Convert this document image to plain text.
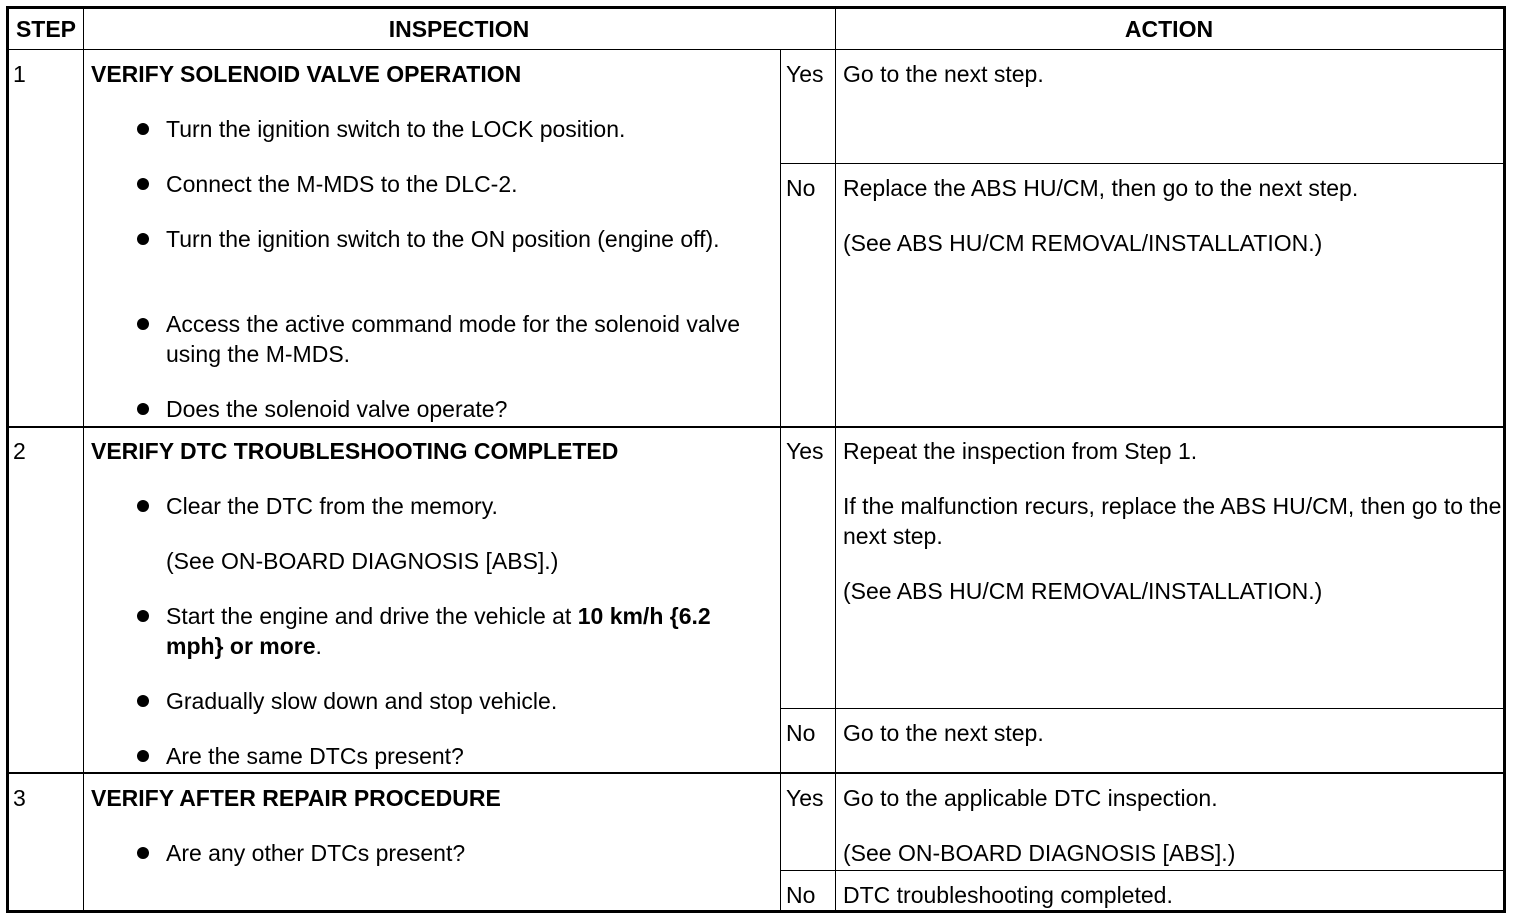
STEP	INSPECTION	ACTION
1	VERIFY SOLENOID VALVE OPERATION
Turn the ignition switch to the LOCK position.
Connect the M-MDS to the DLC-2.
Turn the ignition switch to the ON position (engine off).
Access the active command mode for the solenoid valve using the M-MDS.
Does the solenoid valve operate?
Yes Go to the next step.
No Replace the ABS HU/CM, then go to the next step.
(See ABS HU/CM REMOVAL/INSTALLATION.)
2	VERIFY DTC TROUBLESHOOTING COMPLETED
Clear the DTC from the memory.
(See ON-BOARD DIAGNOSIS [ABS].)
Start the engine and drive the vehicle at 10 km/h {6.2 mph} or more.
Gradually slow down and stop vehicle.
Are the same DTCs present?
Yes Repeat the inspection from Step 1.
If the malfunction recurs, replace the ABS HU/CM, then go to the next step.
(See ABS HU/CM REMOVAL/INSTALLATION.)
No Go to the next step.
3	VERIFY AFTER REPAIR PROCEDURE
Are any other DTCs present?
Yes Go to the applicable DTC inspection.
(See ON-BOARD DIAGNOSIS [ABS].)
No DTC troubleshooting completed.
